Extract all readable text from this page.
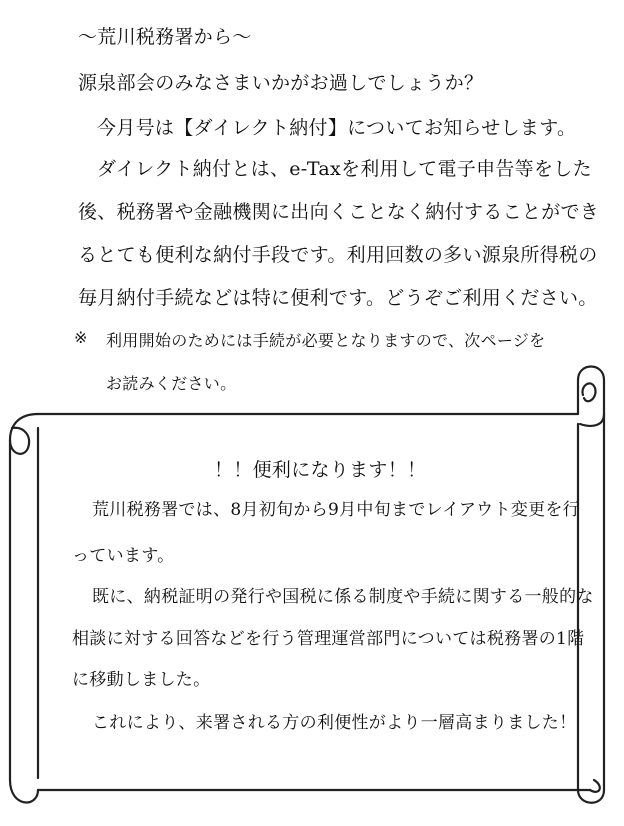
〜荒川税務署から〜
源泉部会のみなさまいかがお過しでしょうか？
今月号は【ダイレクト納付】についてお知らせします。
ダイレクト納付とは、e-Taxを利用して電子申告等をした
後、税務署や金融機関に出向くことなく納付することができ
るとても便利な納付手段です。利用回数の多い源泉所得税の
毎月納付手続などは特に便利です。どうぞご利用ください。
※ 利用開始のためには手続が必要となりますので、次ページを
お読みください。
！！便利になります！！
荒川税務署では、8月初旬から9月中旬までレイアウト変更を行
っています。
既に、納税証明の発行や国税に係る制度や手続に関する一般的な
相談に対する回答などを行う管理運営部門については税務署の1階
に移動しました。
これにより、来署される方の利便性がより一層高まりました！
